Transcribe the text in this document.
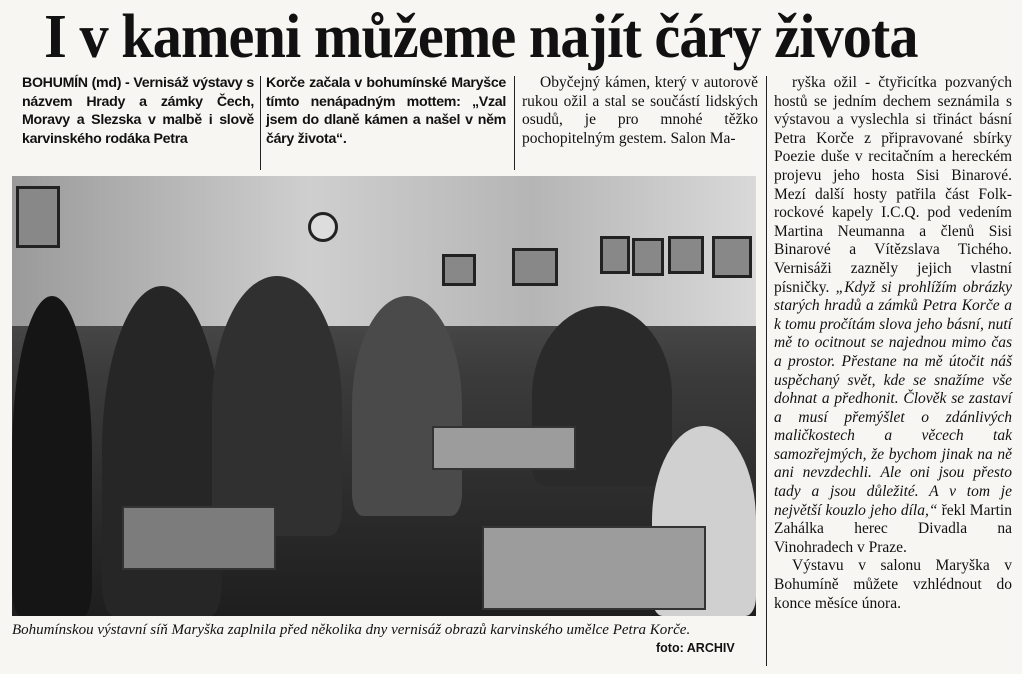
I v kameni můžeme najít čáry života
BOHUMÍN (md) - Vernisáž výstavy s názvem Hrady a zámky Čech, Moravy a Slezska v malbě i slově karvinského rodáka Petra
Korče začala v bohumínské Maryšce tímto nenápadným mottem: „Vzal jsem do dlaně kámen a našel v něm čáry života“.
Obyčejný kámen, který v autorově rukou ožil a stal se součástí lidských osudů, je pro mnohé těžko pochopitelným gestem. Salon Ma-

ryška ožil - čtyřicítka pozvaných hostů se jedním dechem seznámila s výstavou a vyslechla si třináct básní Petra Korče z připravované sbírky Poezie duše v recitačním a hereckém projevu jeho hosta Sisi Binarové. Mezí další hosty patřila část Folk-rockové kapely I.C.Q. pod vedením Martina Neumanna a členů Sisi Binarové a Vítězslava Tichého. Vernisáži zazněly jejich vlastní písničky. „Když si prohlížím obrázky starých hradů a zámků Petra Korče a k tomu pročítám slova jeho básní, nutí mě to ocitnout se najednou mimo čas a prostor. Přestane na mě útočit náš uspěchaný svět, kde se snažíme vše dohnat a předhonit. Člověk se zastaví a musí přemýšlet o zdánlivých maličkostech a věcech tak samozřejmých, že bychom jinak na ně ani nevzdechli. Ale oni jsou přesto tady a jsou důležité. A v tom je největší kouzlo jeho díla,“ řekl Martin Zahálka herec Divadla na Vinohradech v Praze.

Výstavu v salonu Maryška v Bohumíně můžete vzhlédnout do konce měsíce února.

Bohumínskou výstavní síň Maryška zaplnila před několika dny vernisáž obrazů karvinského umělce Petra Korče.
foto: ARCHIV
